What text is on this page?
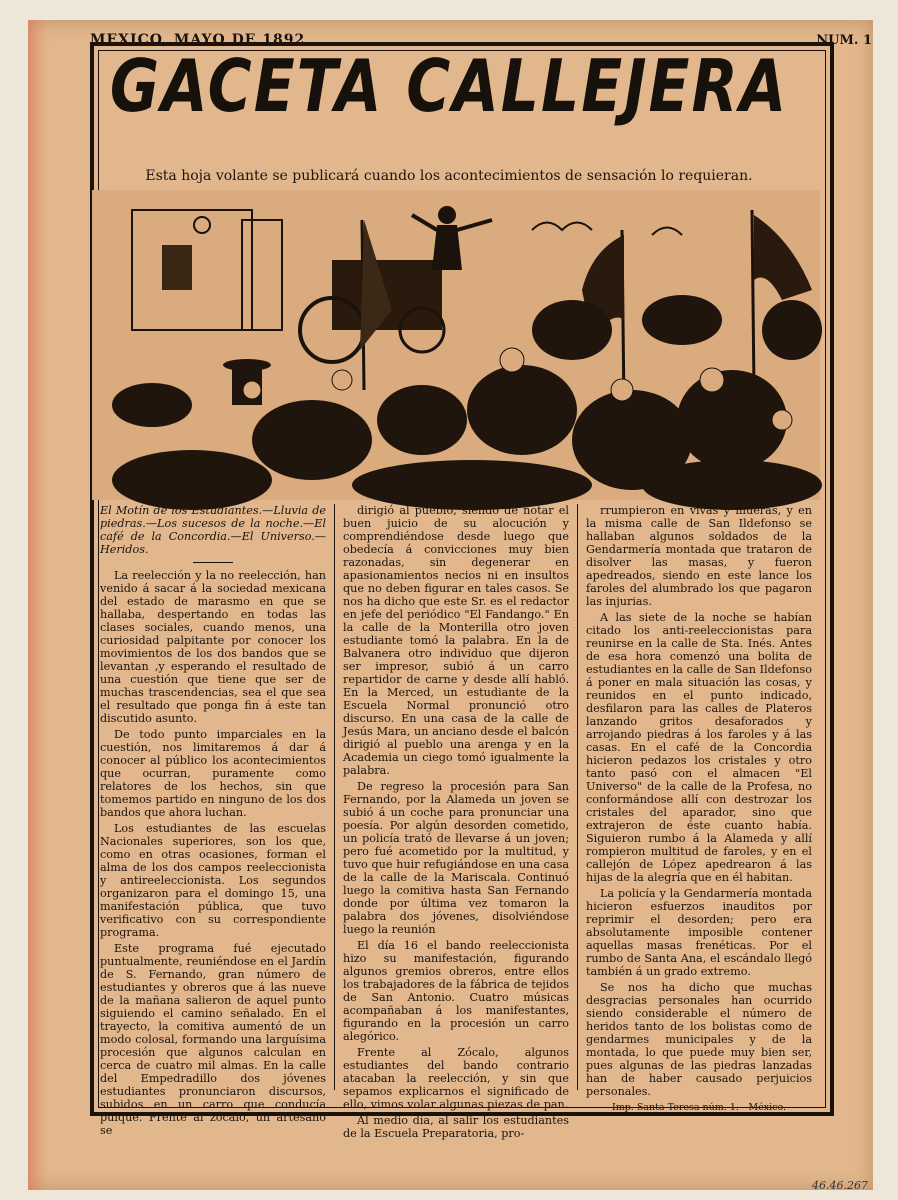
MEXICO, MAYO DE 1892	NUM. 1
GACETA CALLEJERA
Esta hoja volante se publicará cuando los acontecimientos de sensación lo requieran.

El Motín de los Estudiantes.—Lluvia de piedras.—Los sucesos de la noche.—El café de la Concordia.—El Universo.—Heridos.

La reelección y la no reelección, han venido á sacar á la sociedad mexicana del estado de marasmo en que se hallaba, despertando en todas las clases sociales, cuando menos, una curiosidad palpitante por conocer los movimientos de los dos bandos que se levantan ,y esperando el resultado de una cuestión que tiene que ser de muchas trascendencias, sea el que sea el resultado que ponga fin á este tan discutido asunto.

De todo punto imparciales en la cuestión, nos limitaremos á dar á conocer al público los acontecimientos que ocurran, puramente como relatores de los hechos, sin que tomemos partido en ninguno de los dos bandos que ahora luchan.

Los estudiantes de las escuelas Nacionales superiores, son los que, como en otras ocasiones, forman el alma de los dos campos reeleccionista y antireeleccionista. Los segundos organizaron para el domingo 15, una manifestación pública, que tuvo verificativo con su correspondiente programa.

Este programa fué ejecutado puntualmente, reuniéndose en el Jardín de S. Fernando, gran número de estudiantes y obreros que á las nueve de la mañana salieron de aquel punto siguiendo el camino señalado. En el trayecto, la comitiva aumentó de un modo colosal, formando una larguísima procesión que algunos calculan en cerca de cuatro mil almas. En la calle del Empedradillo dos jóvenes estudiantes pronunciaron discursos, subidos en un carro que conducía pulque. Frente al zócalo, un artesano se

dirigió al pueblo, siendo de notar el buen juicio de su alocución y comprendiéndose desde luego que obedecía á convicciones muy bien razonadas, sin degenerar en apasionamientos necios ni en insultos que no deben figurar en tales casos. Se nos ha dicho que este Sr. es el redactor en jefe del periódico "El Fandango." En la calle de la Monterilla otro joven estudiante tomó la palabra. En la de Balvanera otro individuo que dijeron ser impresor, subió á un carro repartidor de carne y desde allí habló. En la Merced, un estudiante de la Escuela Normal pronunció otro discurso. En una casa de la calle de Jesús Mara, un anciano desde el balcón dirigió al pueblo una arenga y en la Academia un ciego tomó igualmente la palabra.

De regreso la procesión para San Fernando, por la Alameda un joven se subió á un coche para pronunciar una poesía. Por algún desorden cometido, un policía trató de llevarse á un joven; pero fué acometido por la multitud, y tuvo que huir refugiándose en una casa de la calle de la Mariscala. Continuó luego la comitiva hasta San Fernando donde por última vez tomaron la palabra dos jóvenes, disolviéndose luego la reunión

El día 16 el bando reeleccionista hizo su manifestación, figurando algunos gremios obreros, entre ellos los trabajadores de la fábrica de tejidos de San Antonio. Cuatro músicas acompañaban á los manifestantes, figurando en la procesión un carro alegórico.

Frente al Zócalo, algunos estudiantes del bando contrario atacaban la reelección, y sin que sepamos explicarnos el significado de ello, vimos volar algunas piezas de pan.

Al medio día, al salir los estudiantes de la Escuela Preparatoria, pro-

rrumpieron en vivas y mueras, y en la misma calle de San Ildefonso se hallaban algunos soldados de la Gendarmería montada que trataron de disolver las masas, y fueron apedreados, siendo en este lance los faroles del alumbrado los que pagaron las injurias.

A las siete de la noche se habían citado los anti-reeleccionistas para reunirse en la calle de Sta. Inés. Antes de esa hora comenzó una bolita de estudiantes en la calle de San Ildefonso á poner en mala situación las cosas, y reunidos en el punto indicado, desfilaron para las calles de Plateros lanzando gritos desaforados y arrojando piedras á los faroles y á las casas. En el café de la Concordia hicieron pedazos los cristales y otro tanto pasó con el almacen "El Universo" de la calle de la Profesa, no conformándose allí con destrozar los cristales del aparador, sino que extrajeron de éste cuanto había. Siguieron rumbo á la Alameda y allí rompieron multitud de faroles, y en el callejón de López apedrearon á las hijas de la alegría que en él habitan.

La policía y la Gendarmería montada hicieron esfuerzos inauditos por reprimir el desorden; pero era absolutamente imposible contener aquellas masas frenéticas. Por el rumbo de Santa Ana, el escándalo llegó también á un grado extremo.

Se nos ha dicho que muchas desgracias personales han ocurrido siendo considerable el número de heridos tanto de los bolistas como de gendarmes municipales y de la montada, lo que puede muy bien ser, pues algunas de las piedras lanzadas han de haber causado perjuicios personales.

Imp. Santa Teresa núm. 1.—México.

46.46.267
